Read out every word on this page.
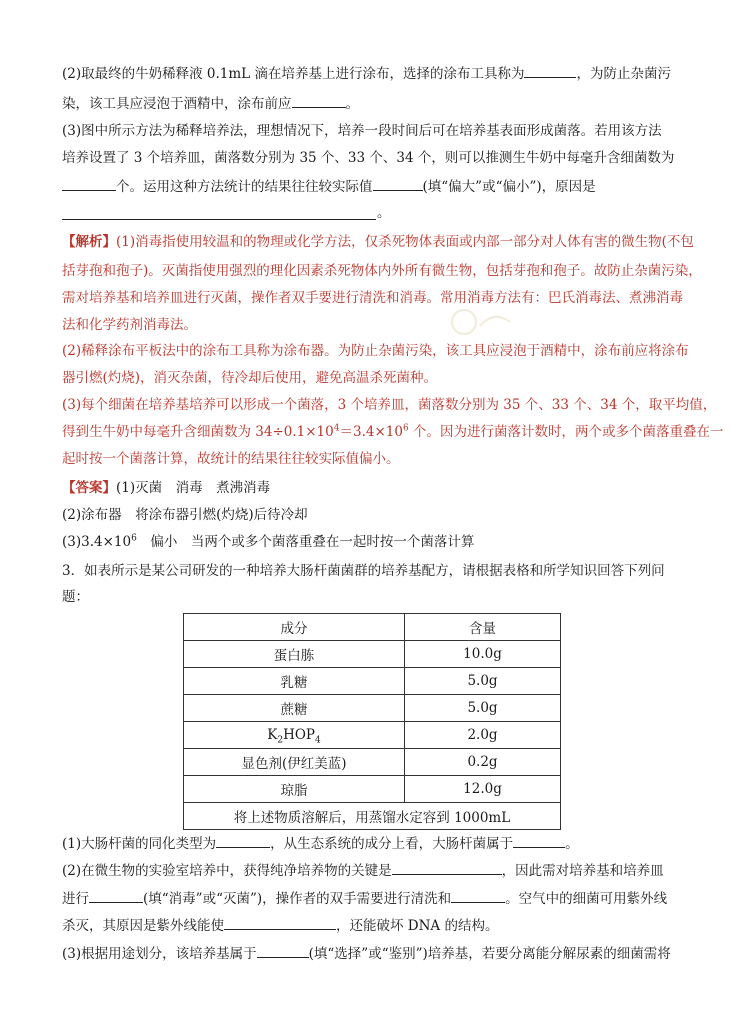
(2)取最终的牛奶稀释液 0.1mL 滴在培养基上进行涂布，选择的涂布工具称为	，为防止杂菌污
染，该工具应浸泡于酒精中，涂布前应	。
(3)图中所示方法为稀释培养法，理想情况下，培养一段时间后可在培养基表面形成菌落。若用该方法
培养设置了 3 个培养皿，菌落数分别为 35 个、33 个、34 个，则可以推测生牛奶中每毫升含细菌数为
个。运用这种方法统计的结果往往较实际值	(填“偏大”或“偏小”)，原因是
。
【解析】(1)消毒指使用较温和的物理或化学方法，仅杀死物体表面或内部一部分对人体有害的微生物(不包
括芽孢和孢子)。灭菌指使用强烈的理化因素杀死物体内外所有微生物，包括芽孢和孢子。故防止杂菌污染，
需对培养基和培养皿进行灭菌，操作者双手要进行清洗和消毒。常用消毒方法有：巴氏消毒法、煮沸消毒
法和化学药剂消毒法。
(2)稀释涂布平板法中的涂布工具称为涂布器。为防止杂菌污染，该工具应浸泡于酒精中，涂布前应将涂布
器引燃(灼烧)，消灭杂菌，待冷却后使用，避免高温杀死菌种。
(3)每个细菌在培养基培养可以形成一个菌落，3 个培养皿，菌落数分别为 35 个、33 个、34 个，取平均值，
得到生牛奶中每毫升含细菌数为 $34\div 0.1\times 10^4=3.4\times 10^6$ 个。因为进行菌落计数时，两个或多个菌落重叠在一
起时按一个菌落计算，故统计的结果往往较实际值偏小。
【答案】(1)灭菌　消毒　煮沸消毒
(2)涂布器　将涂布器引燃(灼烧)后待冷却
$(3)3.4\times 10^6$　偏小　当两个或多个菌落重叠在一起时按一个菌落计算
3．如表所示是某公司研发的一种培养大肠杆菌菌群的培养基配方，请根据表格和所学知识回答下列问
题：
成分	含量
蛋白胨	10.0g
乳糖	5.0g
蔗糖	5.0g
$K_2HOP_4$	2.0g
显色剂(伊红美蓝)	0.2g
琼脂	12.0g
将上述物质溶解后，用蒸馏水定容到 1000mL	
(1)大肠杆菌的同化类型为	，从生态系统的成分上看，大肠杆菌属于	。
(2)在微生物的实验室培养中，获得纯净培养物的关键是	，因此需对培养基和培养皿
进行	(填“消毒”或“灭菌”)，操作者的双手需要进行清洗和	。空气中的细菌可用紫外线
杀灭，其原因是紫外线能使	，还能破坏 DNA 的结构。
(3)根据用途划分，该培养基属于	(填“选择”或“鉴别”)培养基，若要分离能分解尿素的细菌需将
